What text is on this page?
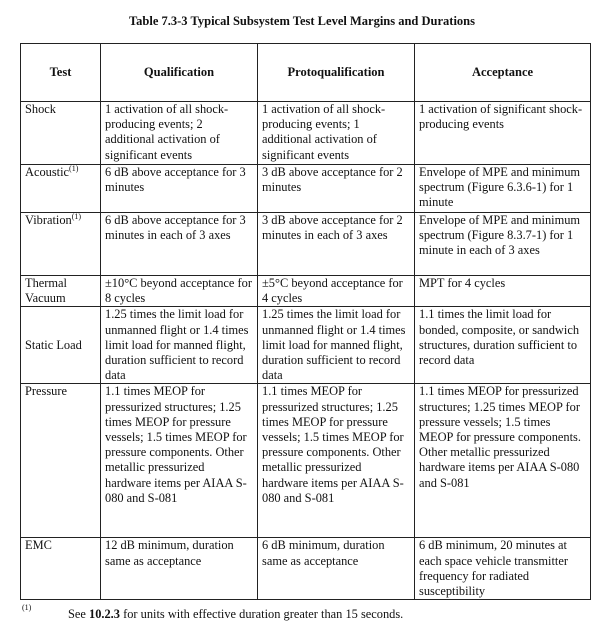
Table 7.3-3 Typical Subsystem Test Level Margins and Durations
Test	Qualification	Protoqualification	Acceptance
Shock	1 activation of all shock-producing events; 2 additional activation of significant events	1 activation of all shock-producing events; 1 additional activation of significant events	1 activation of significant shock-producing events
Acoustic$^{(1)}$	6 dB above acceptance for 3 minutes	3 dB above acceptance for 2 minutes	Envelope of MPE and minimum spectrum (Figure 6.3.6-1) for 1 minute
Vibration$^{(1)}$	6 dB above acceptance for 3 minutes in each of 3 axes	3 dB above acceptance for 2 minutes in each of 3 axes	Envelope of MPE and minimum spectrum (Figure 8.3.7-1) for 1 minute in each of 3 axes
Thermal Vacuum	±10°C beyond acceptance for 8 cycles	±5°C beyond acceptance for 4 cycles	MPT for 4 cycles
Static Load	1.25 times the limit load for unmanned flight or 1.4 times limit load for manned flight, duration sufficient to record data	1.25 times the limit load for unmanned flight or 1.4 times limit load for manned flight, duration sufficient to record data	1.1 times the limit load for bonded, composite, or sandwich structures, duration sufficient to record data
Pressure	1.1 times MEOP for pressurized structures; 1.25 times MEOP for pressure vessels; 1.5 times MEOP for pressure components. Other metallic pressurized hardware items per AIAA S-080 and S-081	1.1 times MEOP for pressurized structures; 1.25 times MEOP for pressure vessels; 1.5 times MEOP for pressure components. Other metallic pressurized hardware items per AIAA S-080 and S-081	1.1 times MEOP for pressurized structures; 1.25 times MEOP for pressure vessels; 1.5 times MEOP for pressure components. Other metallic pressurized hardware items per AIAA S-080 and S-081
EMC	12 dB minimum, duration same as acceptance	6 dB minimum, duration same as acceptance	6 dB minimum, 20 minutes at each space vehicle transmitter frequency for radiated susceptibility
$^{(1)}$	See 10.2.3 for units with effective duration greater than 15 seconds.
